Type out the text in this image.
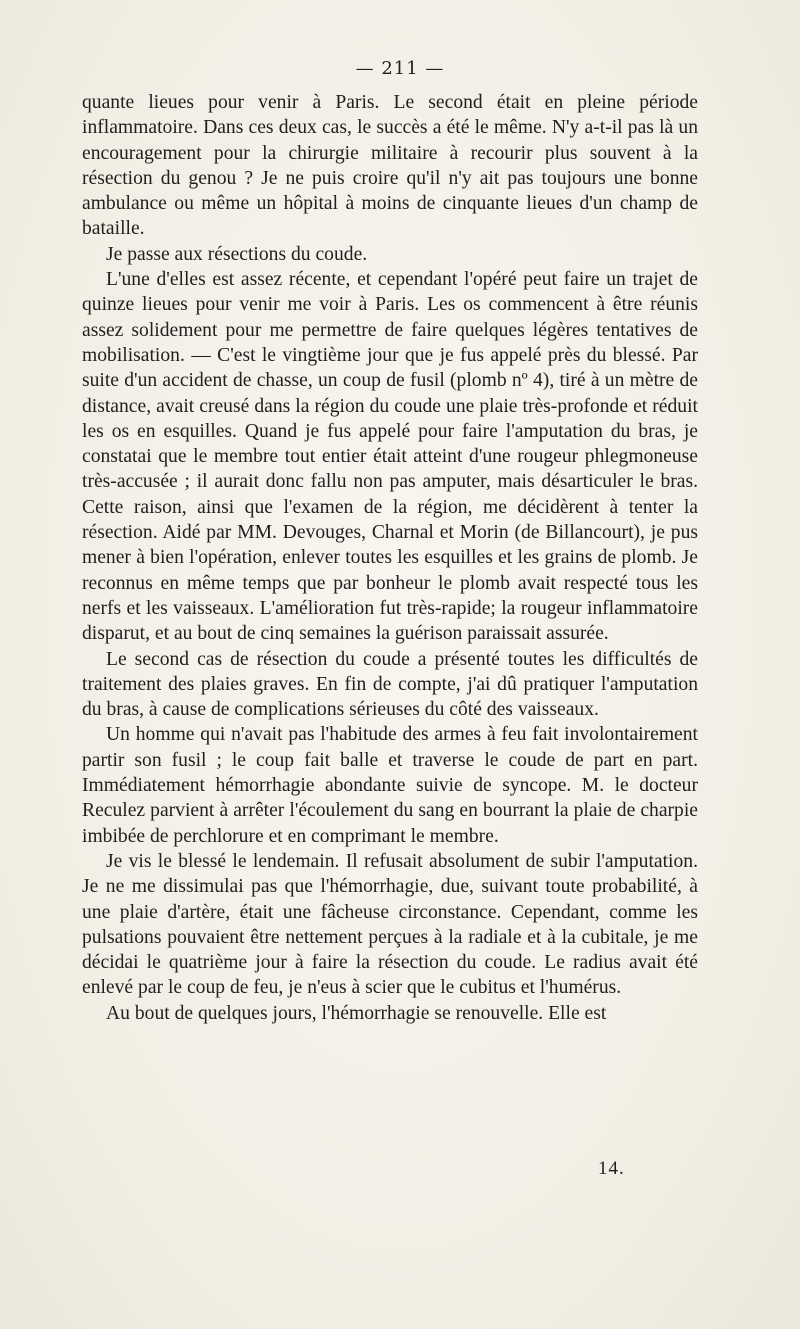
— 211 —

quante lieues pour venir à Paris. Le second était en pleine période inflammatoire. Dans ces deux cas, le succès a été le même. N'y a-t-il pas là un encouragement pour la chirurgie militaire à recourir plus souvent à la résection du genou ? Je ne puis croire qu'il n'y ait pas toujours une bonne ambulance ou même un hôpital à moins de cinquante lieues d'un champ de bataille.

Je passe aux résections du coude.

L'une d'elles est assez récente, et cependant l'opéré peut faire un trajet de quinze lieues pour venir me voir à Paris. Les os commencent à être réunis assez solidement pour me permettre de faire quelques légères tentatives de mobilisation. — C'est le vingtième jour que je fus appelé près du blessé. Par suite d'un accident de chasse, un coup de fusil (plomb nº 4), tiré à un mètre de distance, avait creusé dans la région du coude une plaie très-profonde et réduit les os en esquilles. Quand je fus appelé pour faire l'amputation du bras, je constatai que le membre tout entier était atteint d'une rougeur phlegmoneuse très-accusée ; il aurait donc fallu non pas amputer, mais désarticuler le bras. Cette raison, ainsi que l'examen de la région, me décidèrent à tenter la résection. Aidé par MM. Devouges, Charnal et Morin (de Billancourt), je pus mener à bien l'opération, enlever toutes les esquilles et les grains de plomb. Je reconnus en même temps que par bonheur le plomb avait respecté tous les nerfs et les vaisseaux. L'amélioration fut très-rapide; la rougeur inflammatoire disparut, et au bout de cinq semaines la guérison paraissait assurée.

Le second cas de résection du coude a présenté toutes les difficultés de traitement des plaies graves. En fin de compte, j'ai dû pratiquer l'amputation du bras, à cause de complications sérieuses du côté des vaisseaux.

Un homme qui n'avait pas l'habitude des armes à feu fait involontairement partir son fusil ; le coup fait balle et traverse le coude de part en part. Immédiatement hémorrhagie abondante suivie de syncope. M. le docteur Reculez parvient à arrêter l'écoulement du sang en bourrant la plaie de charpie imbibée de perchlorure et en comprimant le membre.

Je vis le blessé le lendemain. Il refusait absolument de subir l'amputation. Je ne me dissimulai pas que l'hémorrhagie, due, suivant toute probabilité, à une plaie d'artère, était une fâcheuse circonstance. Cependant, comme les pulsations pouvaient être nettement perçues à la radiale et à la cubitale, je me décidai le quatrième jour à faire la résection du coude. Le radius avait été enlevé par le coup de feu, je n'eus à scier que le cubitus et l'humérus.

Au bout de quelques jours, l'hémorrhagie se renouvelle. Elle est

14.
